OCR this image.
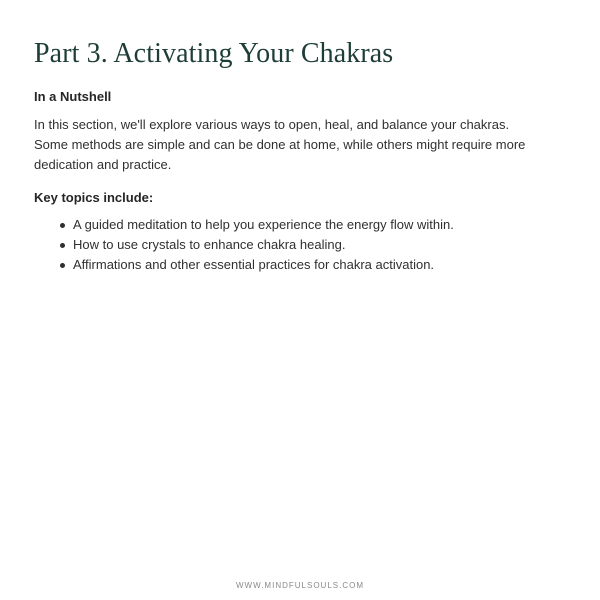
Part 3. Activating Your Chakras
In a Nutshell

In this section, we'll explore various ways to open, heal, and balance your chakras. Some methods are simple and can be done at home, while others might require more dedication and practice.

Key topics include:
A guided meditation to help you experience the energy flow within.
How to use crystals to enhance chakra healing.
Affirmations and other essential practices for chakra activation.
WWW.MINDFULSOULS.COM
